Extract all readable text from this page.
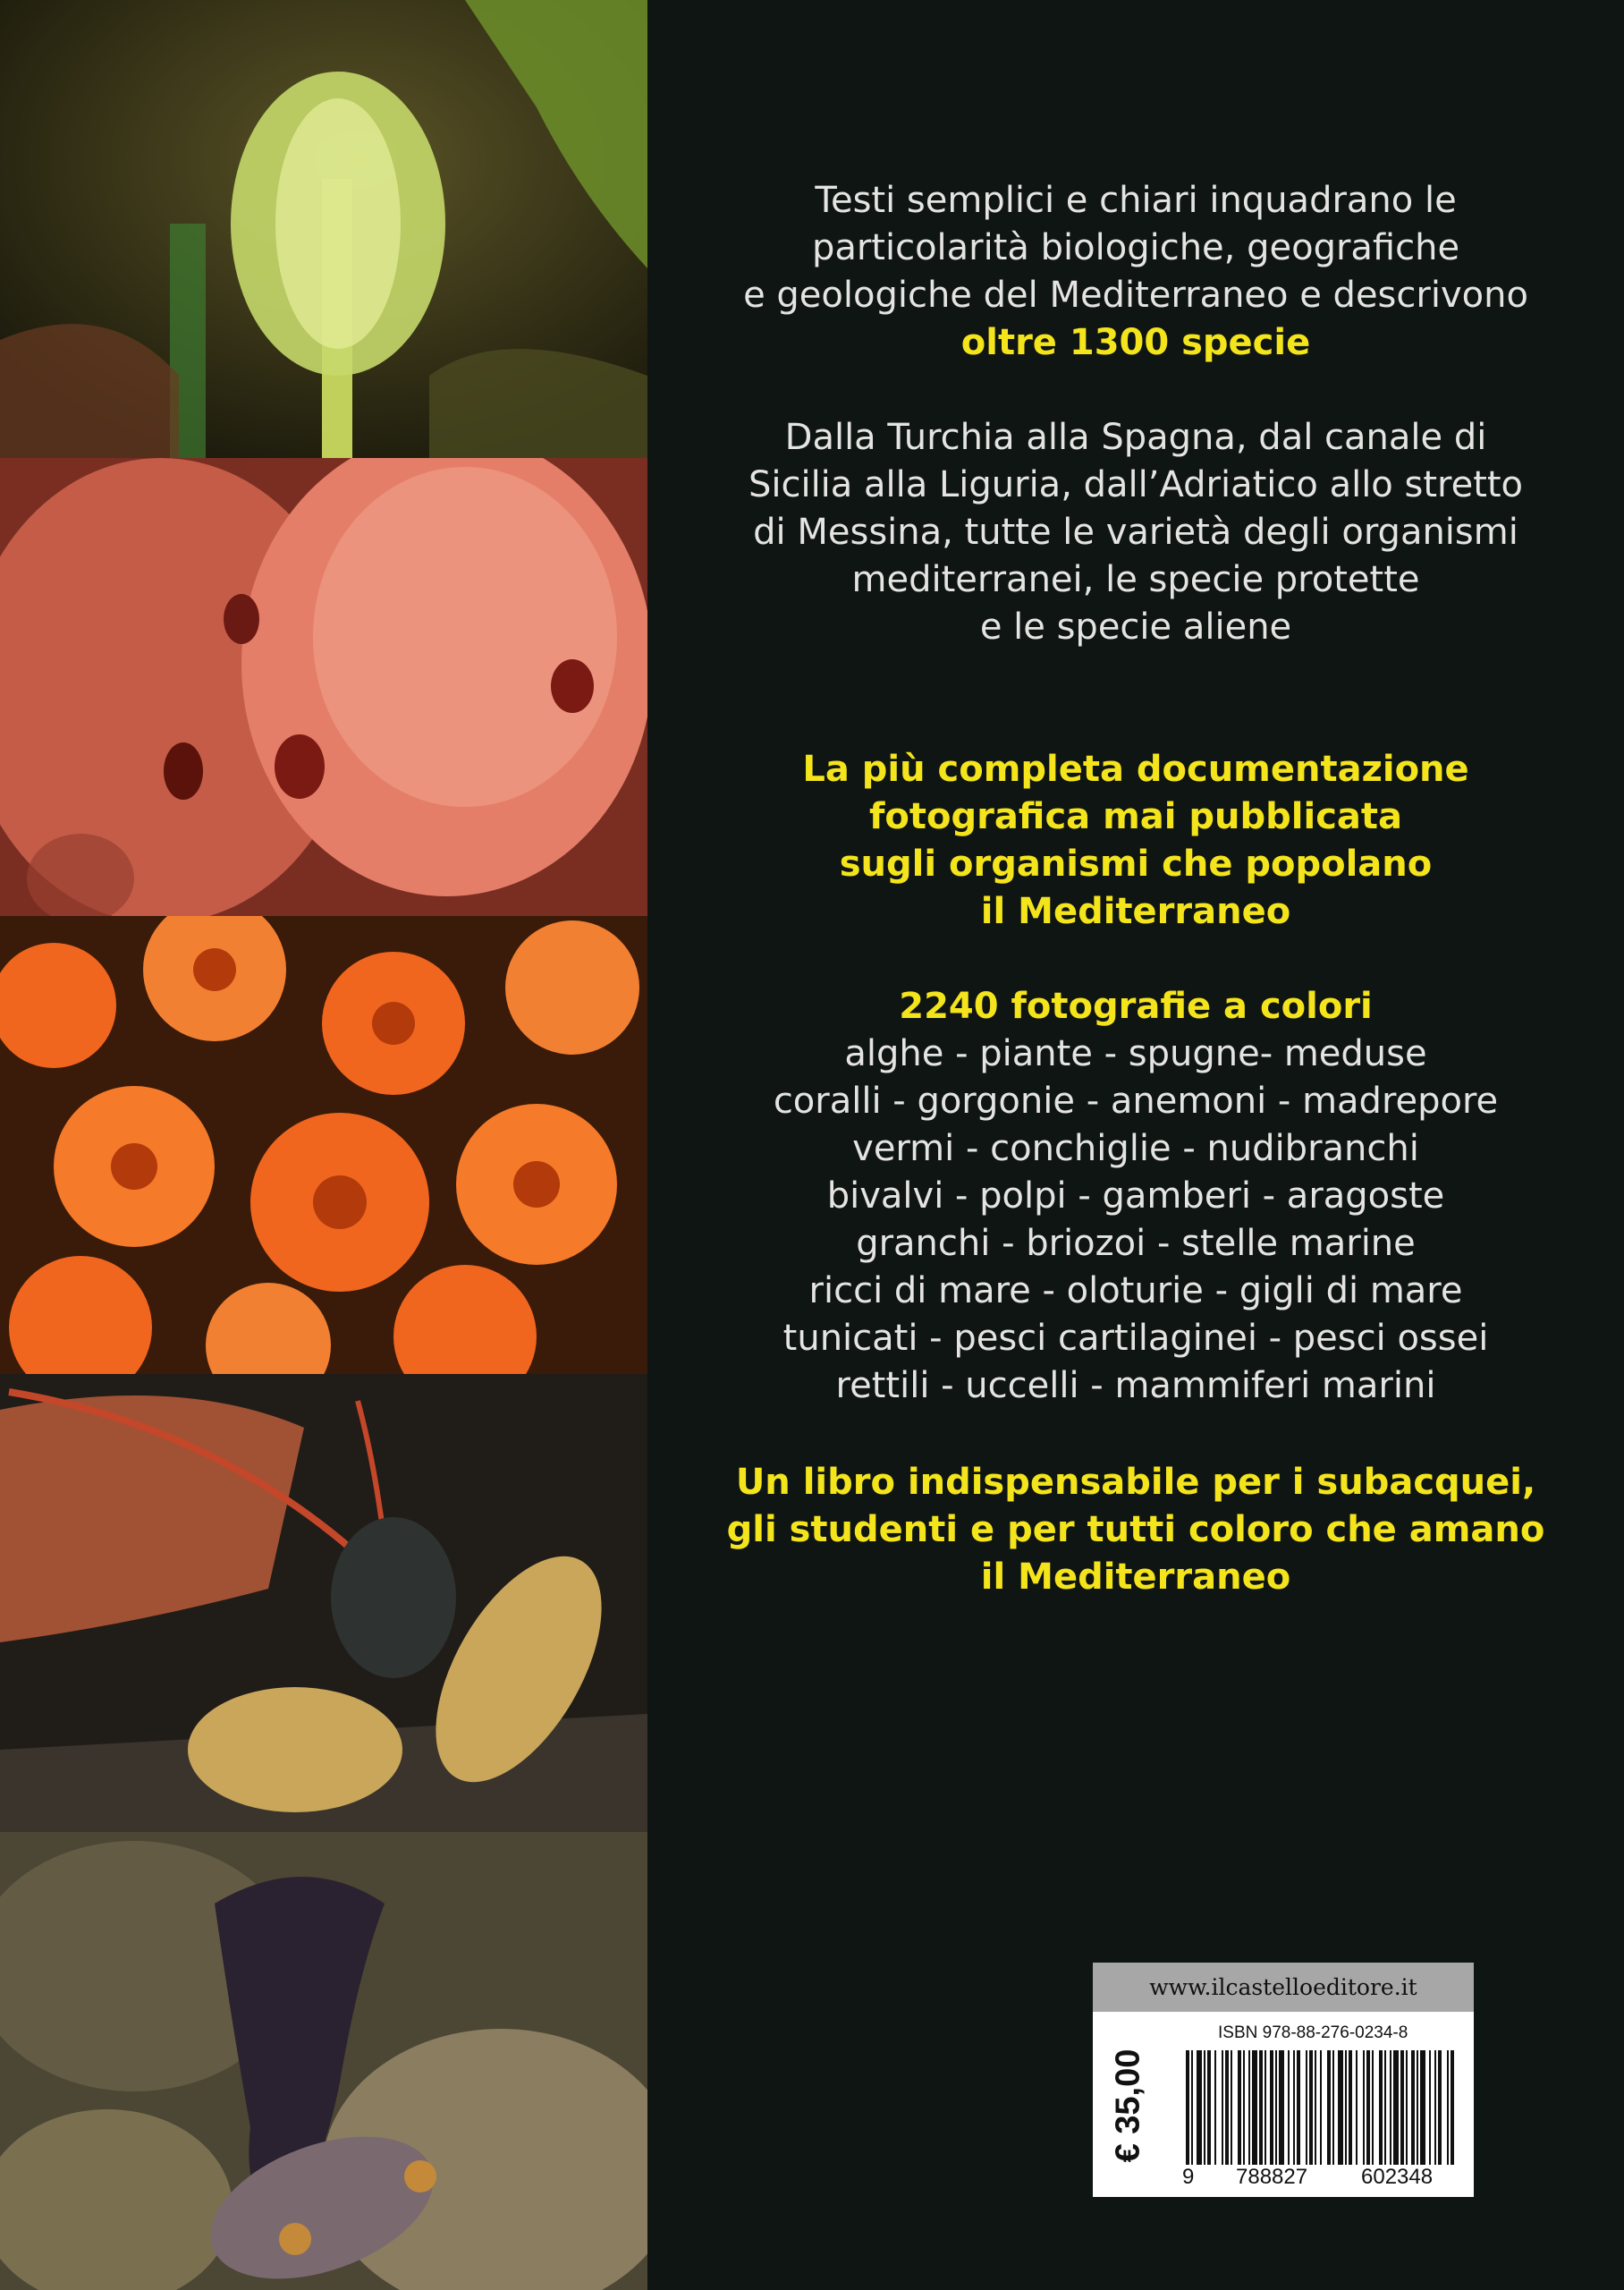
Testi semplici e chiari inquadrano le
particolarità biologiche, geografiche
e geologiche del Mediterraneo e descrivono
oltre 1300 specie
Dalla Turchia alla Spagna, dal canale di
Sicilia alla Liguria, dall’Adriatico allo stretto
di Messina, tutte le varietà degli organismi
mediterranei, le specie protette
e le specie aliene
La più completa documentazione
fotografica mai pubblicata
sugli organismi che popolano
il Mediterraneo
2240 fotografie a colori
alghe - piante - spugne- meduse
coralli - gorgonie - anemoni - madrepore
vermi - conchiglie - nudibranchi
bivalvi - polpi - gamberi - aragoste
granchi - briozoi - stelle marine
ricci di mare - oloturie - gigli di mare
tunicati - pesci cartilaginei - pesci ossei
rettili - uccelli - mammiferi marini
Un libro indispensabile per i subacquei,
gli studenti e per tutti coloro che amano
il Mediterraneo
www.ilcastelloeditore.it
€ 35,00
ISBN 978-88-276-0234-8
9 788827 602348
